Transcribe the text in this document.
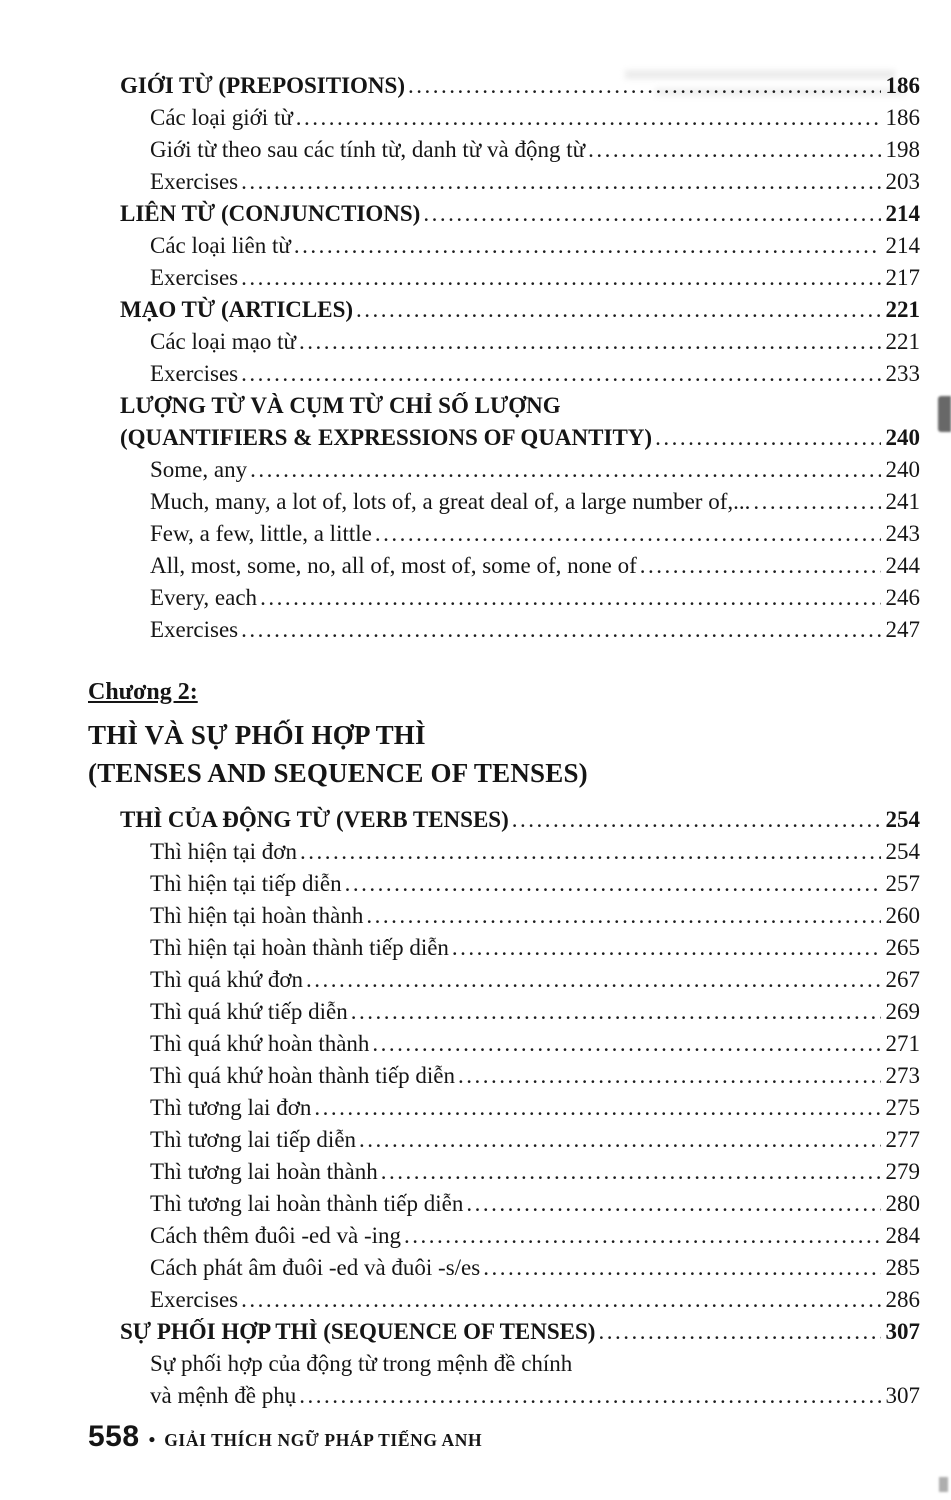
GIỚI TỪ (PREPOSITIONS) .....	186
Các loại giới từ .....	186
Giới từ theo sau các tính từ, danh từ và động từ .....	198
Exercises .....	203
LIÊN TỪ (CONJUNCTIONS) .....	214
Các loại liên từ .....	214
Exercises .....	217
MẠO TỪ (ARTICLES) .....	221
Các loại mạo từ .....	221
Exercises .....	233
LƯỢNG TỪ VÀ CỤM TỪ CHỈ SỐ LƯỢNG
(QUANTIFIERS & EXPRESSIONS OF QUANTITY) .....	240
Some, any .....	240
Much, many, a lot of, lots of, a great deal of, a large number of,... .....	241
Few, a few, little, a little .....	243
All, most, some, no, all of, most of, some of, none of .....	244
Every, each .....	246
Exercises .....	247
Chương 2:
THÌ VÀ SỰ PHỐI HỢP THÌ
(TENSES AND SEQUENCE OF TENSES)
THÌ CỦA ĐỘNG TỪ (VERB TENSES) .....	254
Thì hiện tại đơn .....	254
Thì hiện tại tiếp diễn .....	257
Thì hiện tại hoàn thành .....	260
Thì hiện tại hoàn thành tiếp diễn .....	265
Thì quá khứ đơn .....	267
Thì quá khứ tiếp diễn .....	269
Thì quá khứ hoàn thành .....	271
Thì quá khứ hoàn thành tiếp diễn .....	273
Thì tương lai đơn .....	275
Thì tương lai tiếp diễn .....	277
Thì tương lai hoàn thành .....	279
Thì tương lai hoàn thành tiếp diễn .....	280
Cách thêm đuôi -ed và -ing .....	284
Cách phát âm đuôi -ed và đuôi -s/es .....	285
Exercises .....	286
SỰ PHỐI HỢP THÌ (SEQUENCE OF TENSES) .....	307
Sự phối hợp của động từ trong mệnh đề chính
và mệnh đề phụ .....	307
558 • GIẢI THÍCH NGỮ PHÁP TIẾNG ANH
